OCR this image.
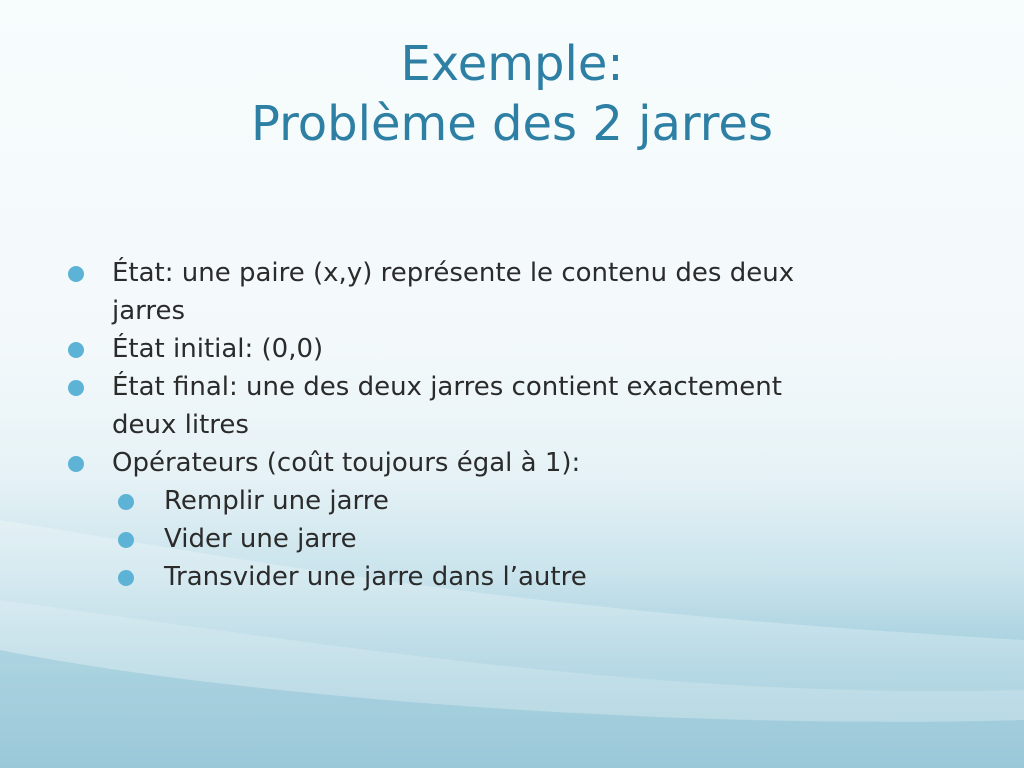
Exemple:
Problème des 2 jarres
État: une paire (x,y) représente le contenu des deux
jarres
État initial: (0,0)
État final: une des deux jarres contient exactement
deux litres
Opérateurs (coût toujours égal à 1):
Remplir une jarre
Vider une jarre
Transvider une jarre dans l’autre
